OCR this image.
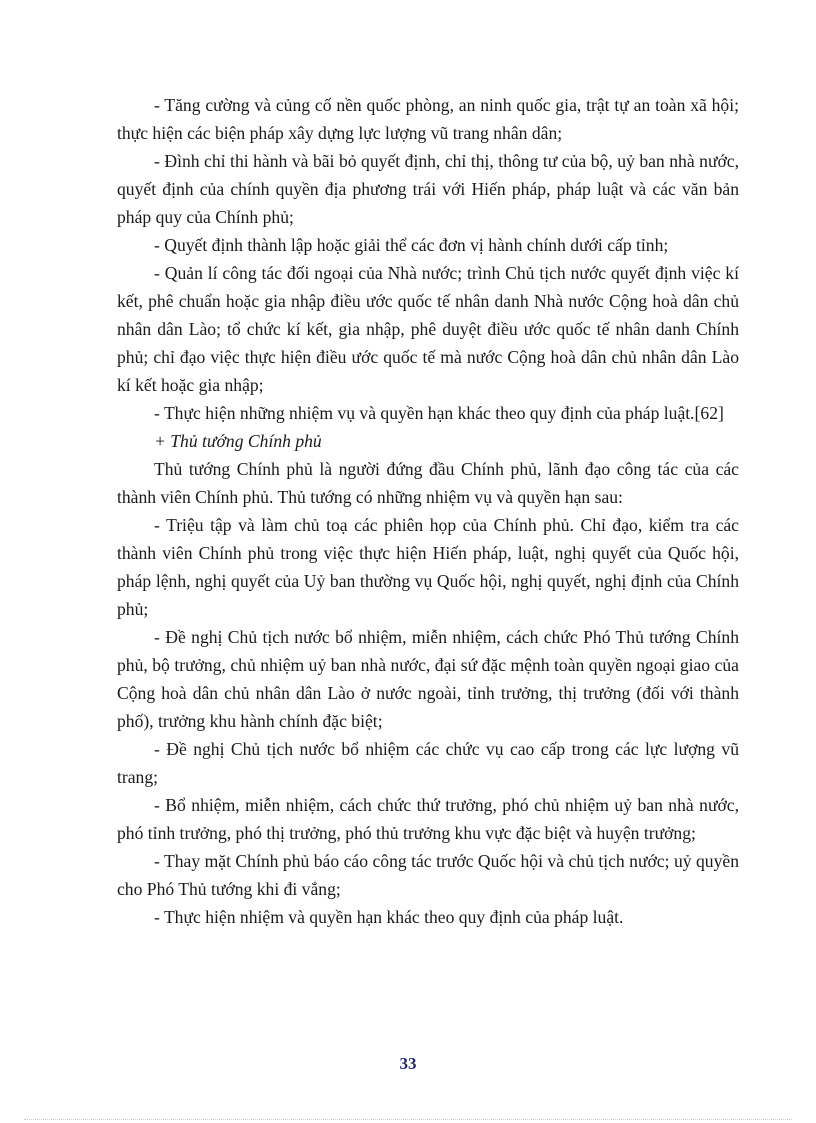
- Tăng cường và củng cố nền quốc phòng, an ninh quốc gia, trật tự an toàn xã hội; thực hiện các biện pháp xây dựng lực lượng vũ trang nhân dân;

- Đình chỉ thi hành và bãi bỏ quyết định, chỉ thị, thông tư của bộ, uỷ ban nhà nước, quyết định của chính quyền địa phương trái với Hiến pháp, pháp luật và các văn bản pháp quy của Chính phủ;

- Quyết định thành lập hoặc giải thể các đơn vị hành chính dưới cấp tỉnh;

- Quản lí công tác đối ngoại của Nhà nước; trình Chủ tịch nước quyết định việc kí kết, phê chuẩn hoặc gia nhập điều ước quốc tế nhân danh Nhà nước Cộng hoà dân chủ nhân dân Lào; tổ chức kí kết, gia nhập, phê duyệt điều ước quốc tế nhân danh Chính phủ; chỉ đạo việc thực hiện điều ước quốc tế mà nước Cộng hoà dân chủ nhân dân Lào kí kết hoặc gia nhập;

- Thực hiện những nhiệm vụ và quyền hạn khác theo quy định của pháp luật.[62]

+ Thủ tướng Chính phủ

Thủ tướng Chính phủ là người đứng đầu Chính phủ, lãnh đạo công tác của các thành viên Chính phủ. Thủ tướng có những nhiệm vụ và quyền hạn sau:

- Triệu tập và làm chủ toạ các phiên họp của Chính phủ. Chỉ đạo, kiểm tra các thành viên Chính phủ trong việc thực hiện Hiến pháp, luật, nghị quyết của Quốc hội, pháp lệnh, nghị quyết của Uỷ ban thường vụ Quốc hội, nghị quyết, nghị định của Chính phủ;

- Đề nghị Chủ tịch nước bổ nhiệm, miễn nhiệm, cách chức Phó Thủ tướng Chính phủ, bộ trưởng, chủ nhiệm uỷ ban nhà nước, đại sứ đặc mệnh toàn quyền ngoại giao của Cộng hoà dân chủ nhân dân Lào ở nước ngoài, tỉnh trưởng, thị trưởng (đối với thành phố), trưởng khu hành chính đặc biệt;

- Đề nghị Chủ tịch nước bổ nhiệm các chức vụ cao cấp trong các lực lượng vũ trang;

- Bổ nhiệm, miễn nhiệm, cách chức thứ trưởng, phó chủ nhiệm uỷ ban nhà nước, phó tỉnh trưởng, phó thị trưởng, phó thủ trưởng khu vực đặc biệt và huyện trưởng;

- Thay mặt Chính phủ báo cáo công tác trước Quốc hội và chủ tịch nước; uỷ quyền cho Phó Thủ tướng khi đi vắng;

- Thực hiện nhiệm và quyền hạn khác theo quy định của pháp luật.

33
